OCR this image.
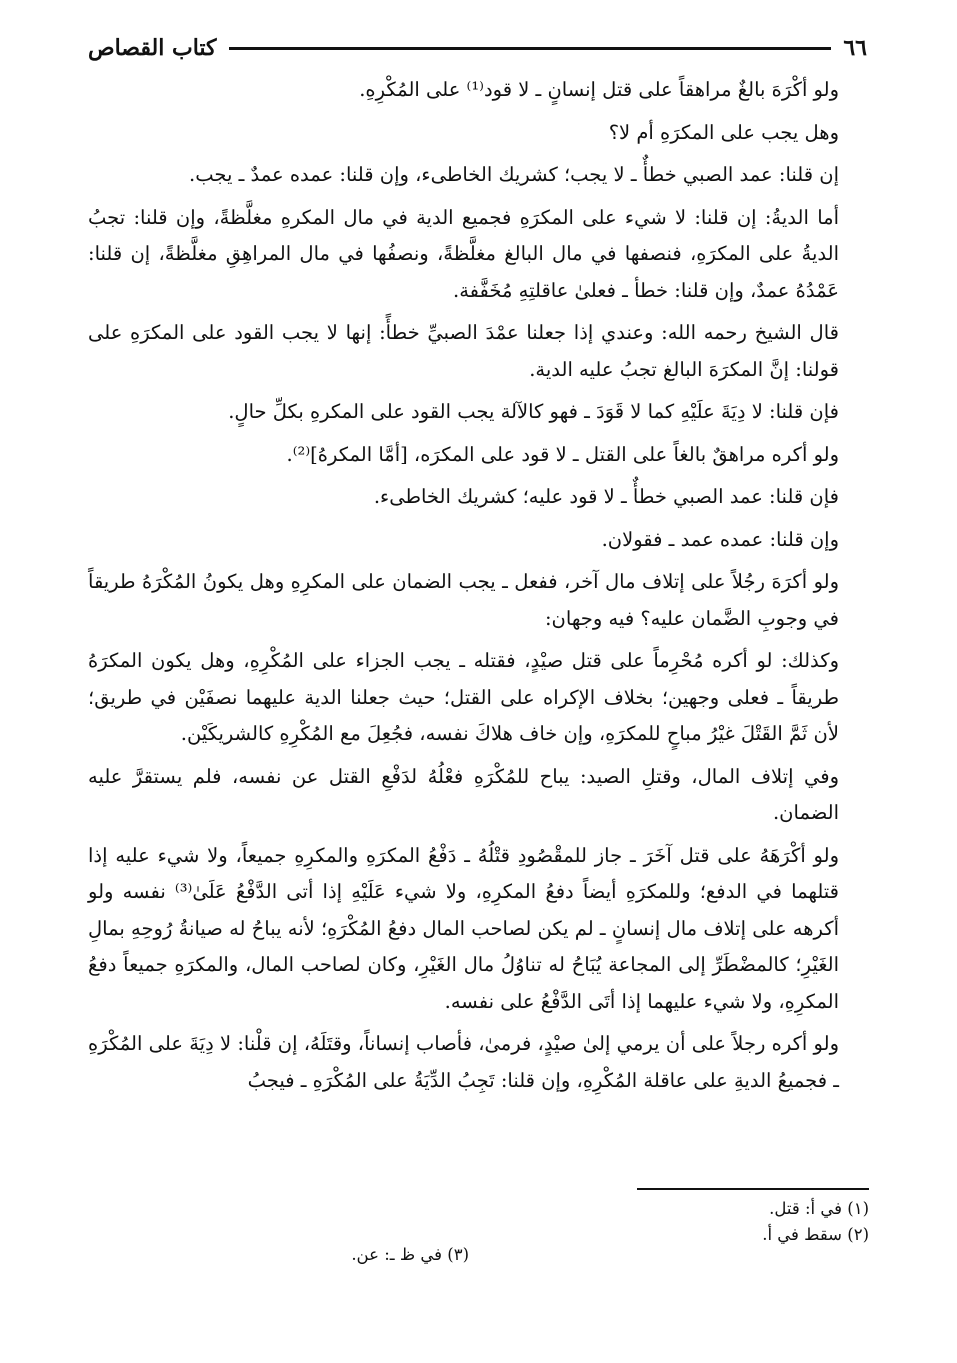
٦٦
كتاب القصاص

ولو أكْرَهَ بالغٌ مراهقاً على قتل إنسانٍ ـ لا قود⁽¹⁾ على المُكْرِهِ.

وهل يجب على المكرَهِ أم لا؟

إن قلنا: عمد الصبي خطأٌ ـ لا يجب؛ كشريك الخاطىء، وإن قلنا: عمده عمدٌ ـ يجب.

أما الديةُ: إن قلنا: لا شيء على المكرَهِ فجميع الدية في مال المكرهِ مغلَّظةً، وإن قلنا: تجبُ الديةُ على المكرَهِ، فنصفها في مال البالغ مغلَّظةً، ونصفُها في مال المراهِقِ مغلَّظةً، إن قلنا: عَمْدُهُ عمدٌ، وإن قلنا: خطأ ـ فعلىٰ عاقلتِهِ مُخَفَّفة.

قال الشيخ رحمه الله: وعندي إذا جعلنا عمْدَ الصبيِّ خطأً: إنها لا يجب القود على المكرَهِ على قولنا: إنَّ المكرَهَ البالغ تجبُ عليه الدية.

فإن قلنا: لا دِيَةَ علَيْهِ كما لا قَوَدَ ـ فهو كالآلة يجب القود على المكرهِ بكلِّ حالٍ.

ولو أكره مراهقٌ بالغاً على القتل ـ لا قود على المكرَه، [أمَّا المكرهُ]⁽²⁾.

فإن قلنا: عمد الصبي خطأٌ ـ لا قود عليه؛ كشريك الخاطىء.

وإن قلنا: عمده عمد ـ فقولان.

ولو أكرَهَ رجُلاً على إتلاف مال آخر، ففعل ـ يجب الضمان على المكرِهِ وهل يكونُ المُكْرَهُ طريقاً في وجوبِ الضَّمان عليه؟ فيه وجهان:

وكذلك: لو أكره مُحْرِماً على قتل صيْدٍ، فقتله ـ يجب الجزاء على المُكْرِهِ، وهل يكون المكرَهُ طريقاً ـ فعلى وجهين؛ بخلاف الإكراه على القتل؛ حيث جعلنا الدية عليهما نصفَيْن في طريق؛ لأن ثَمَّ القَتْلَ غيْرُ مباحٍ للمكرَهِ، وإن خاف هلاكَ نفسه، فجُعِلَ مع المُكْرِهِ كالشريكَيْن.

وفي إتلاف المال، وقتلِ الصيد: يباح للمُكْرَهِ فعْلُهُ لدَفْعِ القتل عن نفسه، فلم يستقرَّ عليه الضمان.

ولو أكْرَهَهُ على قتل آخَرَ ـ جاز للمقْصُودِ قتْلُهُ ـ دَفْعُ المكرَهِ والمكرِهِ جميعاً، ولا شيء عليه إذا قتلهما في الدفع؛ وللمكرَهِ أيضاً دفعُ المكرِهِ، ولا شيء عَلَيْهِ إذا أتى الدَّفْعُ عَلَىٰ⁽³⁾ نفسه ولو أكرهه على إتلاف مال إنسانٍ ـ لم يكن لصاحب المال دفعُ المُكْرَهِ؛ لأنه يباحُ له صيانةُ رُوحِهِ بمالِ الغَيْرِ؛ كالمضْطَرِّ إلى المجاعة يُبَاحُ له تناوُلُ مال الغَيْرِ، وكان لصاحب المال، والمكرَهِ جميعاً دفعُ المكرِهِ، ولا شيء عليهما إذا أتَى الدَّفْعُ على نفسه.

ولو أكره رجلاً على أن يرمي إلىٰ صيْدٍ، فرمىٰ، فأصاب إنساناً، وقتَلَهُ، إن قلْنا: لا دِيَةَ على المُكْرَهِ ـ فجميعُ الديةِ على عاقلة المُكْرِهِ، وإن قلنا: تَجِبُ الدِّيَةُ على المُكْرَهِ ـ فيجبُ

(١) في أ: قتل.
(٢) سقط في أ.
(٣) في ظ ـ: عن.
